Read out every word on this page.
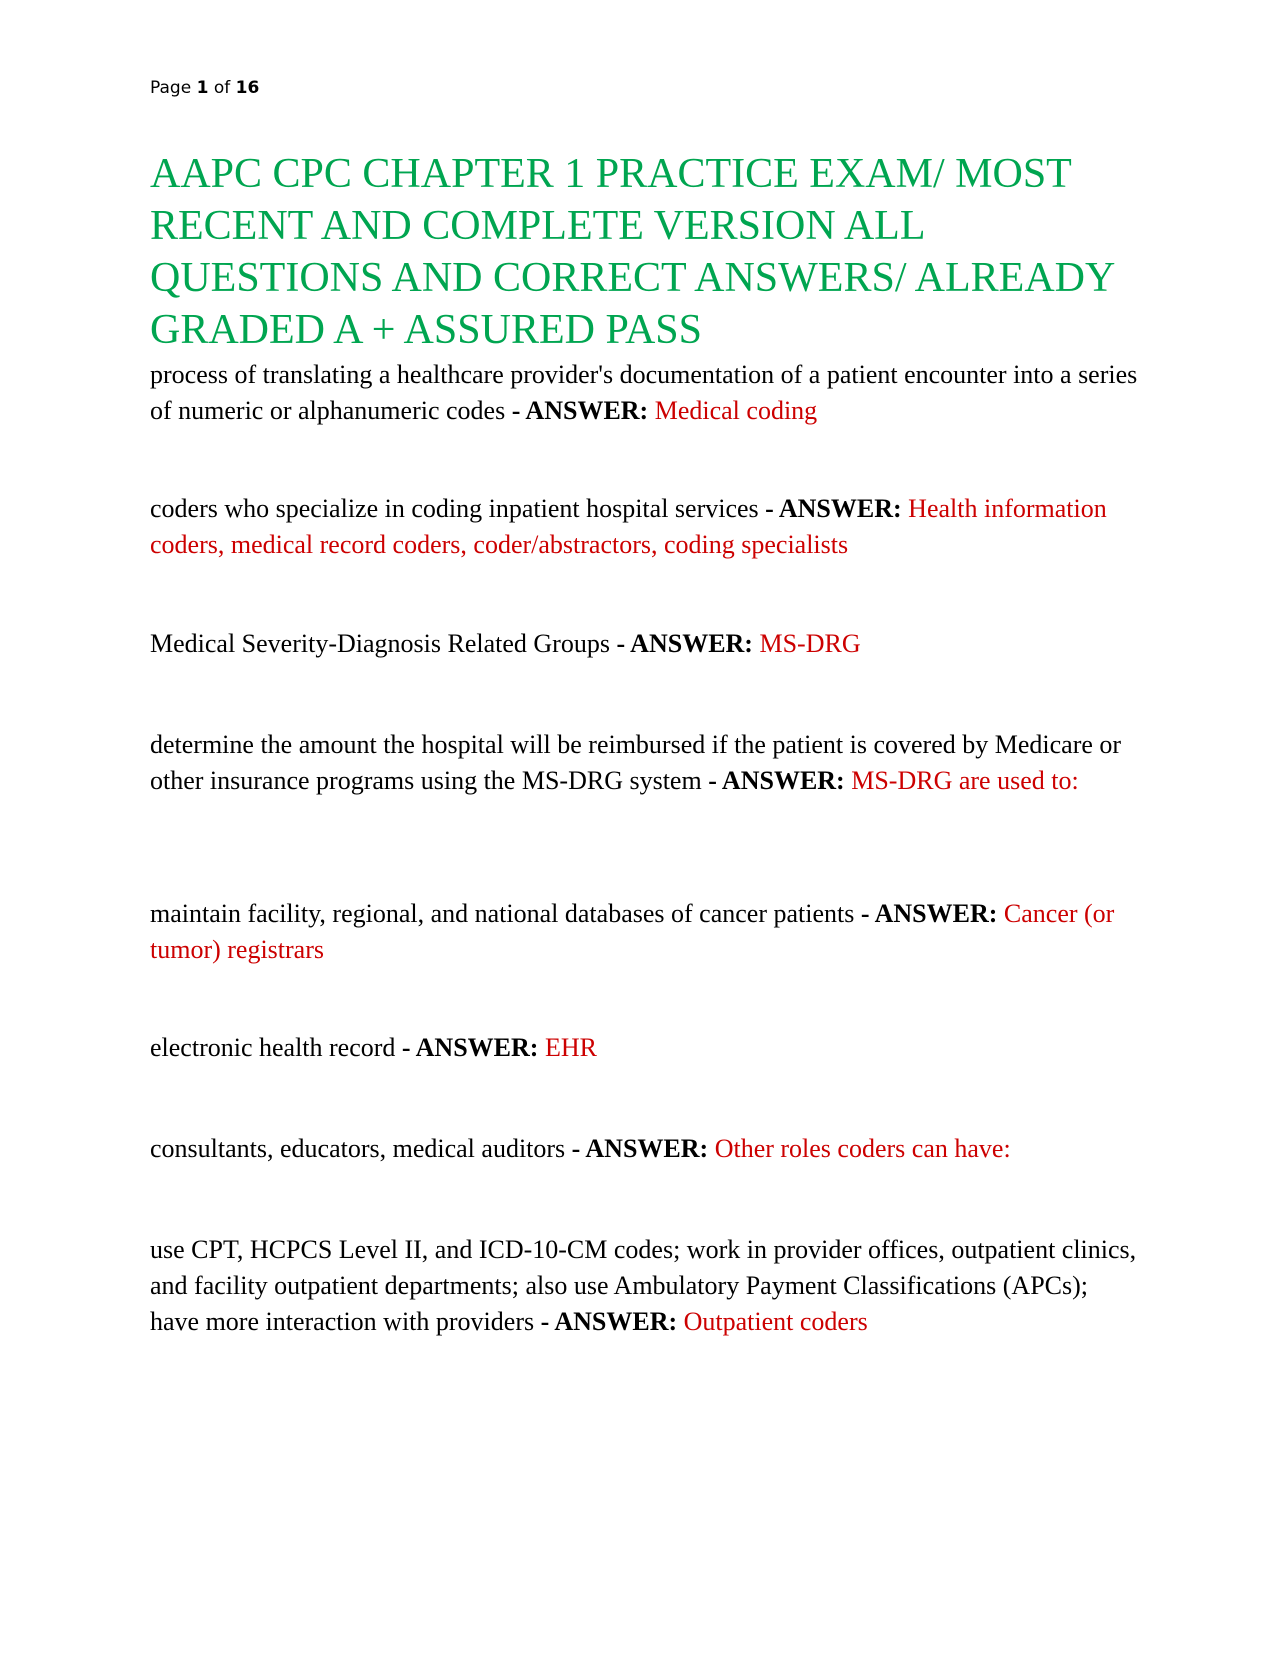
Page 1 of 16
AAPC CPC CHAPTER 1 PRACTICE EXAM/ MOST RECENT AND COMPLETE VERSION ALL QUESTIONS AND CORRECT ANSWERS/ ALREADY GRADED A + ASSURED PASS

process of translating a healthcare provider's documentation of a patient encounter into a series of numeric or alphanumeric codes - ANSWER: Medical coding

coders who specialize in coding inpatient hospital services - ANSWER: Health information coders, medical record coders, coder/abstractors, coding specialists

Medical Severity-Diagnosis Related Groups - ANSWER: MS-DRG

determine the amount the hospital will be reimbursed if the patient is covered by Medicare or other insurance programs using the MS-DRG system - ANSWER: MS-DRG are used to:

maintain facility, regional, and national databases of cancer patients - ANSWER: Cancer (or tumor) registrars

electronic health record - ANSWER: EHR

consultants, educators, medical auditors - ANSWER: Other roles coders can have:

use CPT, HCPCS Level II, and ICD-10-CM codes; work in provider offices, outpatient clinics, and facility outpatient departments; also use Ambulatory Payment Classifications (APCs); have more interaction with providers - ANSWER: Outpatient coders
